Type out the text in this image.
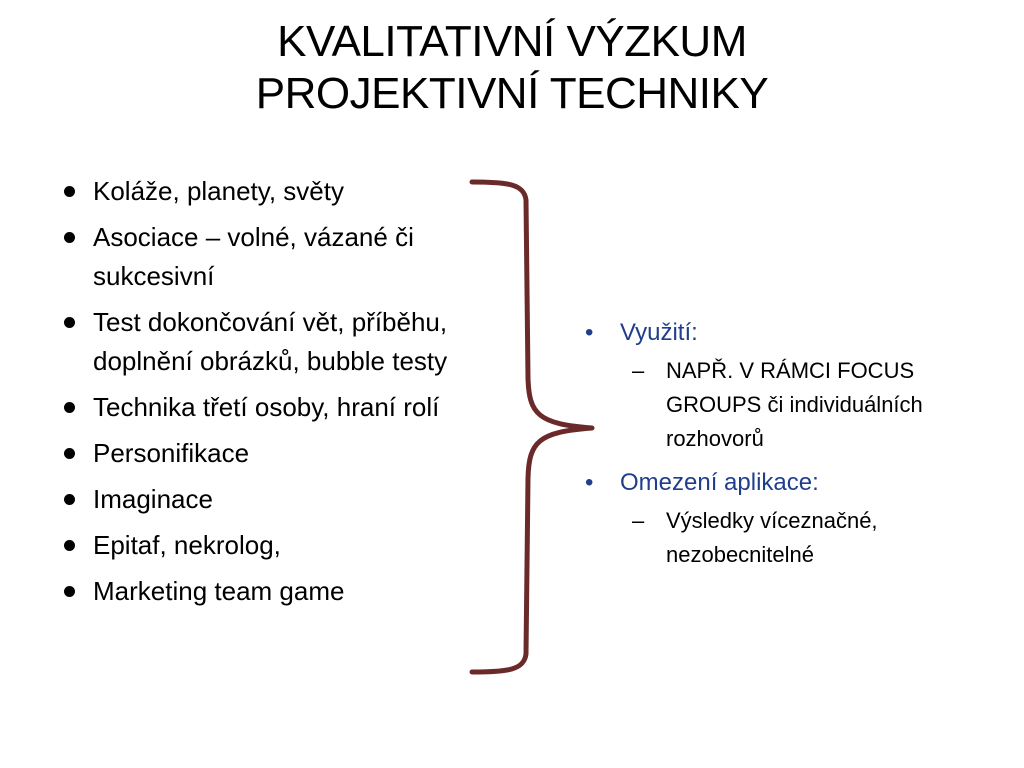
KVALITATIVNÍ VÝZKUM
PROJEKTIVNÍ TECHNIKY
Koláže, planety, světy
Asociace – volné, vázané či sukcesivní
Test dokončování vět, příběhu, doplnění obrázků, bubble testy
Technika třetí osoby, hraní rolí
Personifikace
Imaginace
Epitaf, nekrolog,
Marketing team game
• Využití:
– NAPŘ. V RÁMCI FOCUS GROUPS či individuálních rozhovorů
• Omezení aplikace:
– Výsledky víceznačné, nezobecnitelné
